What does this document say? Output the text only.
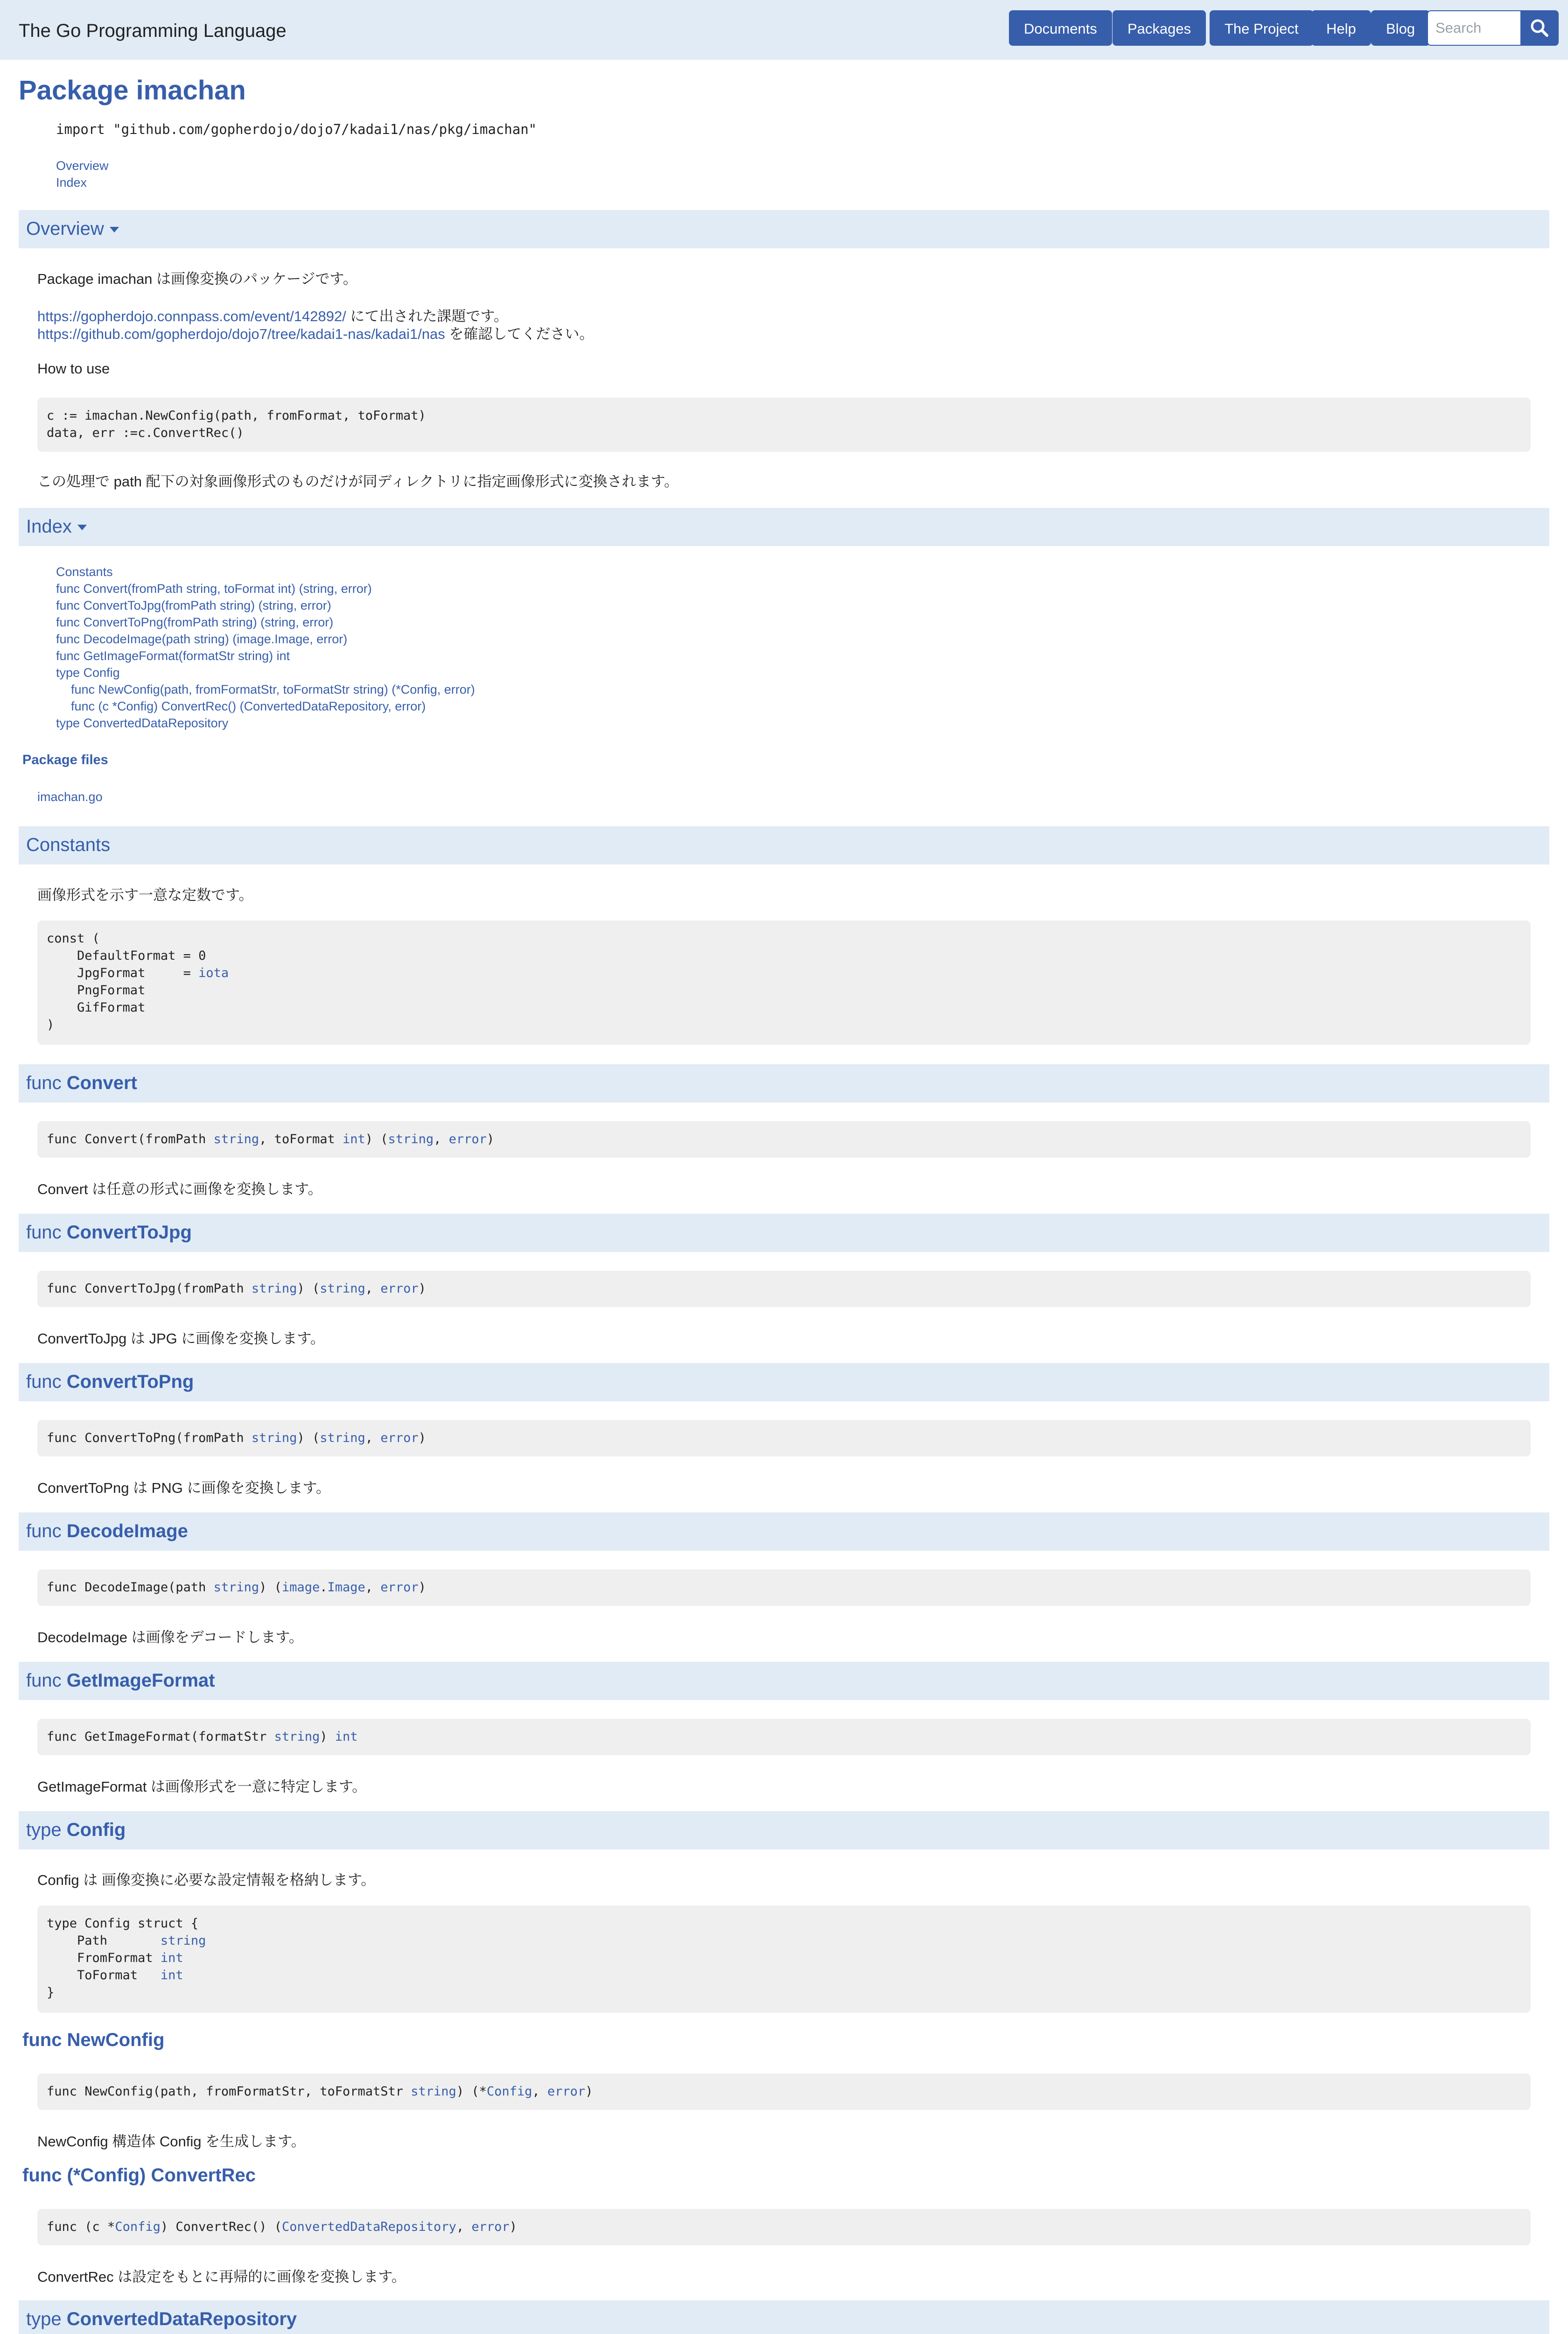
The Go Programming Language	Documents	Packages	The Project	Help	Blog
Search
Package imachan
import "github.com/gopherdojo/dojo7/kadai1/nas/pkg/imachan"
Overview
Index
Overview
Package imachan は画像変換のパッケージです。
https://gopherdojo.connpass.com/event/142892/ にて出された課題です。
https://github.com/gopherdojo/dojo7/tree/kadai1-nas/kadai1/nas を確認してください。
How to use
c := imachan.NewConfig(path, fromFormat, toFormat)
data, err :=c.ConvertRec()
この処理で path 配下の対象画像形式のものだけが同ディレクトリに指定画像形式に変換されます。
Index
Constants
func Convert(fromPath string, toFormat int) (string, error)
func ConvertToJpg(fromPath string) (string, error)
func ConvertToPng(fromPath string) (string, error)
func DecodeImage(path string) (image.Image, error)
func GetImageFormat(formatStr string) int
type Config
func NewConfig(path, fromFormatStr, toFormatStr string) (*Config, error)
func (c *Config) ConvertRec() (ConvertedDataRepository, error)
type ConvertedDataRepository
Package files
imachan.go
Constants
画像形式を示す一意な定数です。
const (
DefaultFormat = 0
JpgFormat     = iota
PngFormat
GifFormat
)
func Convert
func Convert(fromPath string, toFormat int) (string, error)
Convert は任意の形式に画像を変換します。
func ConvertToJpg
func ConvertToJpg(fromPath string) (string, error)
ConvertToJpg は JPG に画像を変換します。
func ConvertToPng
func ConvertToPng(fromPath string) (string, error)
ConvertToPng は PNG に画像を変換します。
func DecodeImage
func DecodeImage(path string) (image.Image, error)
DecodeImage は画像をデコードします。
func GetImageFormat
func GetImageFormat(formatStr string) int
GetImageFormat は画像形式を一意に特定します。
type Config
Config は 画像変換に必要な設定情報を格納します。
type Config struct {
Path       string
FromFormat int
ToFormat   int
}
func NewConfig
func NewConfig(path, fromFormatStr, toFormatStr string) (*Config, error)
NewConfig 構造体 Config を生成します。
func (*Config) ConvertRec
func (c *Config) ConvertRec() (ConvertedDataRepository, error)
ConvertRec は設定をもとに再帰的に画像を変換します。
type ConvertedDataRepository
